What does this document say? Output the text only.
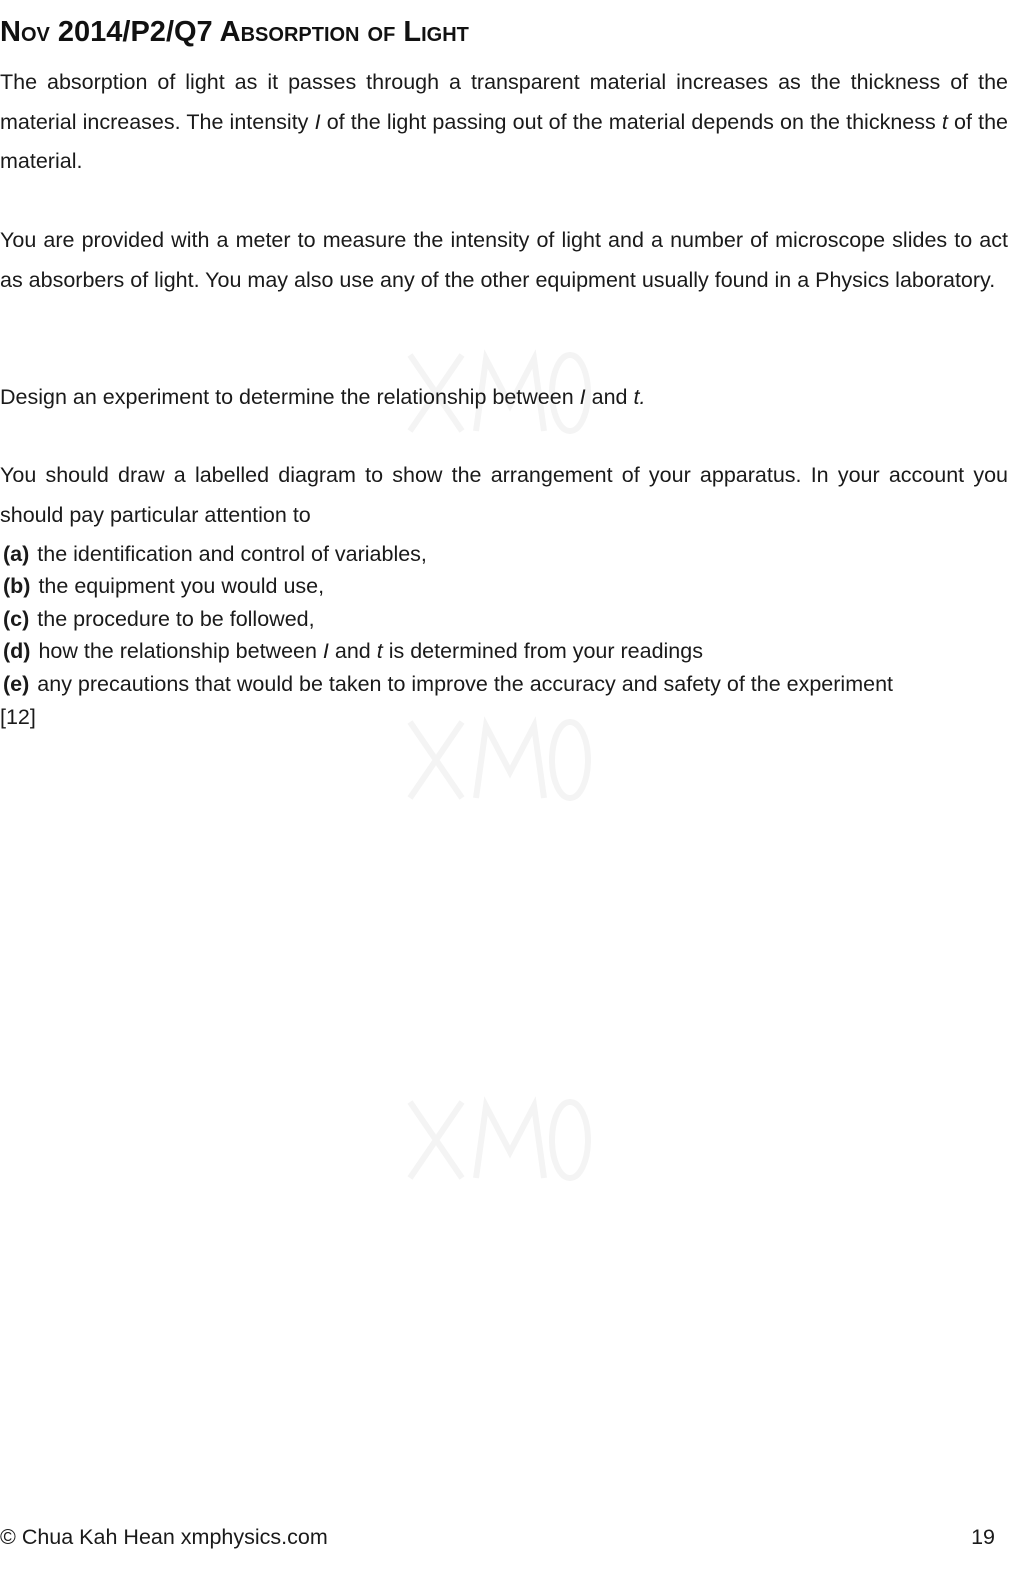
Nov 2014/P2/Q7 Absorption of Light

The absorption of light as it passes through a transparent material increases as the thickness of the material increases. The intensity I of the light passing out of the material depends on the thickness t of the material.

You are provided with a meter to measure the intensity of light and a number of microscope slides to act as absorbers of light. You may also use any of the other equipment usually found in a Physics laboratory.

Design an experiment to determine the relationship between I and t.

You should draw a labelled diagram to show the arrangement of your apparatus. In your account you should pay particular attention to

(a) the identification and control of variables,
(b) the equipment you would use,
(c) the procedure to be followed,
(d) how the relationship between I and t is determined from your readings
(e) any precautions that would be taken to improve the accuracy and safety of the experiment
[12]
© Chua Kah Hean xmphysics.com	19
